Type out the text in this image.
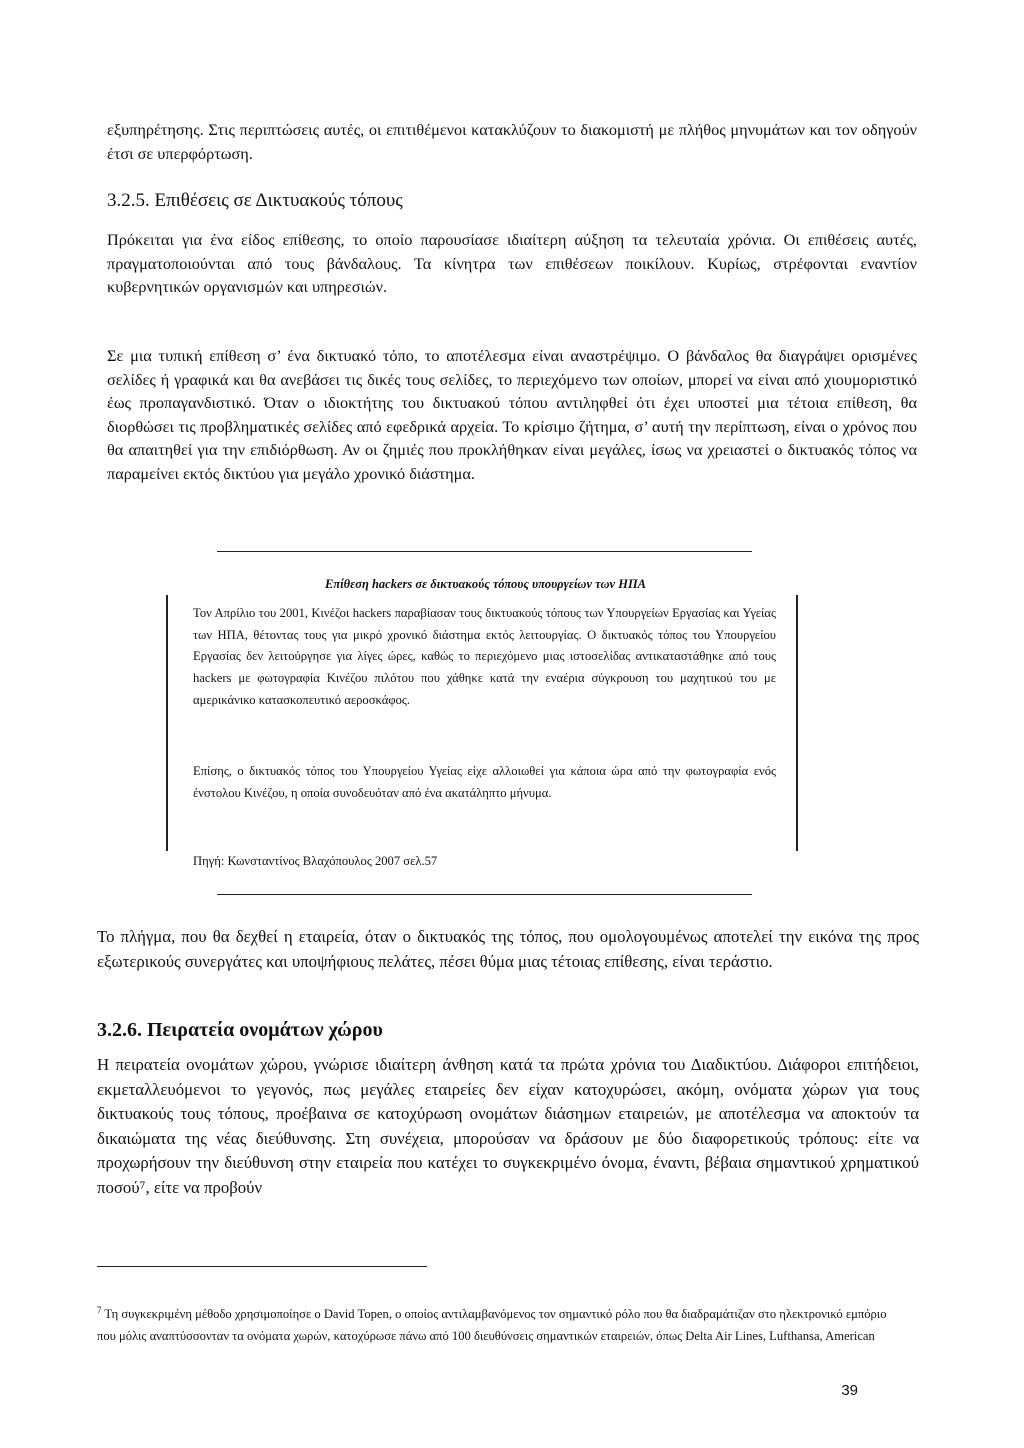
εξυπηρέτησης. Στις περιπτώσεις αυτές, οι επιτιθέμενοι κατακλύζουν το διακομιστή με πλήθος μηνυμάτων και τον οδηγούν έτσι σε υπερφόρτωση.

3.2.5. Επιθέσεις σε Δικτυακούς τόπους

Πρόκειται για ένα είδος επίθεσης, το οποίο παρουσίασε ιδιαίτερη αύξηση τα τελευταία χρόνια. Οι επιθέσεις αυτές, πραγματοποιούνται από τους βάνδαλους. Τα κίνητρα των επιθέσεων ποικίλουν. Κυρίως, στρέφονται εναντίον κυβερνητικών οργανισμών και υπηρεσιών.

Σε μια τυπική επίθεση σ’ ένα δικτυακό τόπο, το αποτέλεσμα είναι αναστρέψιμο. Ο βάνδαλος θα διαγράψει ορισμένες σελίδες ή γραφικά και θα ανεβάσει τις δικές τους σελίδες, το περιεχόμενο των οποίων, μπορεί να είναι από χιουμοριστικό έως προπαγανδιστικό. Όταν ο ιδιοκτήτης του δικτυακού τόπου αντιληφθεί ότι έχει υποστεί μια τέτοια επίθεση, θα διορθώσει τις προβληματικές σελίδες από εφεδρικά αρχεία. Το κρίσιμο ζήτημα, σ’ αυτή την περίπτωση, είναι ο χρόνος που θα απαιτηθεί για την επιδιόρθωση. Αν οι ζημιές που προκλήθηκαν είναι μεγάλες, ίσως να χρειαστεί ο δικτυακός τόπος να παραμείνει εκτός δικτύου για μεγάλο χρονικό διάστημα.

Επίθεση hackers σε δικτυακούς τόπους υπουργείων των ΗΠΑ

Τον Απρίλιο του 2001, Κινέζοι hackers παραβίασαν τους δικτυακούς τόπους των Υπουργείων Εργασίας και Υγείας των ΗΠΑ, θέτοντας τους για μικρό χρονικό διάστημα εκτός λειτουργίας. Ο δικτυακός τόπος του Υπουργείου Εργασίας δεν λειτούργησε για λίγες ώρες, καθώς το περιεχόμενο μιας ιστοσελίδας αντικαταστάθηκε από τους hackers με φωτογραφία Κινέζου πιλότου που χάθηκε κατά την εναέρια σύγκρουση του μαχητικού του με αμερικάνικο κατασκοπευτικό αεροσκάφος.

Επίσης, ο δικτυακός τόπος του Υπουργείου Υγείας είχε αλλοιωθεί για κάποια ώρα από την φωτογραφία ενός ένστολου Κινέζου, η οποία συνοδευόταν από ένα ακατάληπτο μήνυμα.

Πηγή: Κωνσταντίνος Βλαχόπουλος 2007 σελ.57

Το πλήγμα, που θα δεχθεί η εταιρεία, όταν ο δικτυακός της τόπος, που ομολογουμένως αποτελεί την εικόνα της προς εξωτερικούς συνεργάτες και υποψήφιους πελάτες, πέσει θύμα μιας τέτοιας επίθεσης, είναι τεράστιο.

3.2.6. Πειρατεία ονομάτων χώρου

Η πειρατεία ονομάτων χώρου, γνώρισε ιδιαίτερη άνθηση κατά τα πρώτα χρόνια του Διαδικτύου. Διάφοροι επιτήδειοι, εκμεταλλευόμενοι το γεγονός, πως μεγάλες εταιρείες δεν είχαν κατοχυρώσει, ακόμη, ονόματα χώρων για τους δικτυακούς τους τόπους, προέβαινα σε κατοχύρωση ονομάτων διάσημων εταιρειών, με αποτέλεσμα να αποκτούν τα δικαιώματα της νέας διεύθυνσης. Στη συνέχεια, μπορούσαν να δράσουν με δύο διαφορετικούς τρόπους: είτε να προχωρήσουν την διεύθυνση στην εταιρεία που κατέχει το συγκεκριμένο όνομα, έναντι, βέβαια σημαντικού χρηματικού ποσού⁷, είτε να προβούν

$^7$ Τη συγκεκριμένη μέθοδο χρησιμοποίησε ο David Topen, ο οποίος αντιλαμβανόμενος τον σημαντικό ρόλο που θα διαδραμάτιζαν στο ηλεκτρονικό εμπόριο που μόλις αναπτύσσονταν τα ονόματα χωρών, κατοχύρωσε πάνω από 100 διευθύνσεις σημαντικών εταιρειών, όπως Delta Air Lines, Lufthansa, American

39
